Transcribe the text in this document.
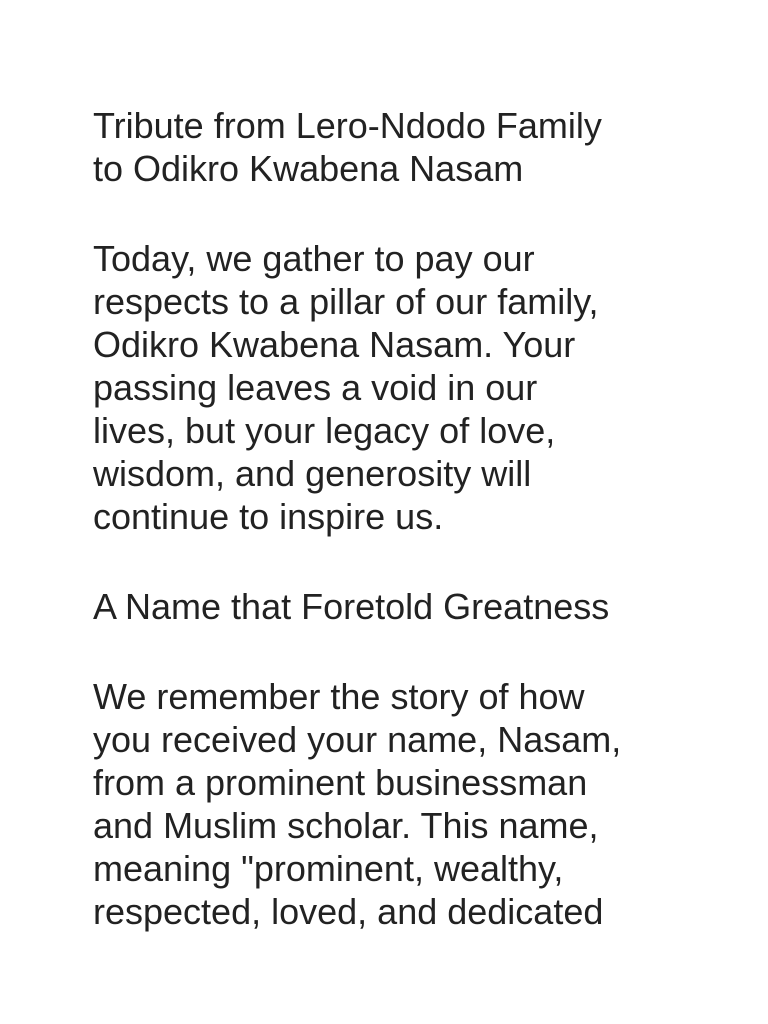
Tribute from Lero-Ndodo Family
to Odikro Kwabena Nasam
Today, we gather to pay our
respects to a pillar of our family,
Odikro Kwabena Nasam. Your
passing leaves a void in our
lives, but your legacy of love,
wisdom, and generosity will
continue to inspire us.
A Name that Foretold Greatness
We remember the story of how
you received your name, Nasam,
from a prominent businessman
and Muslim scholar. This name,
meaning "prominent, wealthy,
respected, loved, and dedicated
